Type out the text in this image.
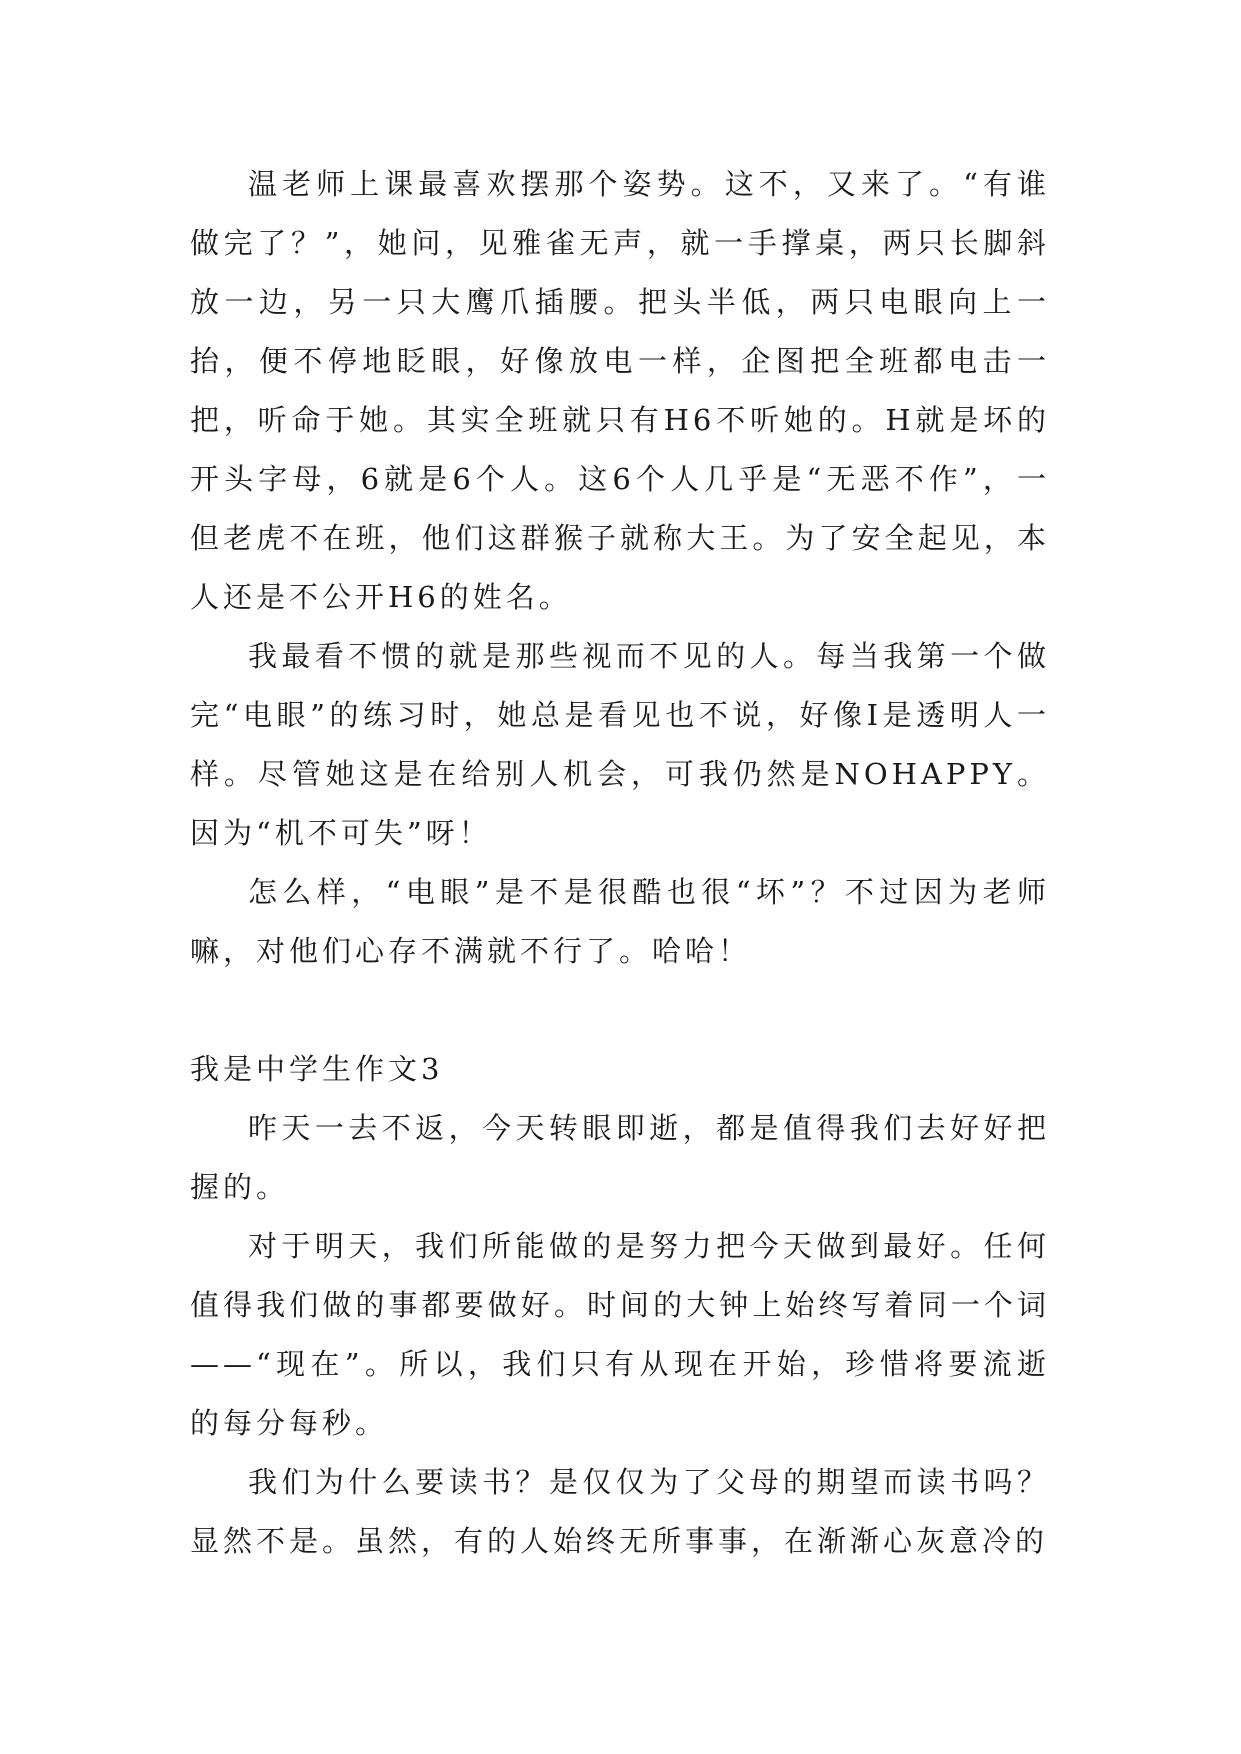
温老师上课最喜欢摆那个姿势。这不，又来了。“有谁做完了？”，她问，见雅雀无声，就一手撑桌，两只长脚斜放一边，另一只大鹰爪插腰。把头半低，两只电眼向上一抬，便不停地眨眼，好像放电一样，企图把全班都电击一把，听命于她。其实全班就只有H6不听她的。H就是坏的开头字母，6就是6个人。这6个人几乎是“无恶不作”，一但老虎不在班，他们这群猴子就称大王。为了安全起见，本人还是不公开H6的姓名。

我最看不惯的就是那些视而不见的人。每当我第一个做完“电眼”的练习时，她总是看见也不说，好像I是透明人一样。尽管她这是在给别人机会，可我仍然是NOHAPPY。因为“机不可失”呀！

怎么样，“电眼”是不是很酷也很“坏”？不过因为老师嘛，对他们心存不满就不行了。哈哈！

我是中学生作文3

昨天一去不返，今天转眼即逝，都是值得我们去好好把握的。

对于明天，我们所能做的是努力把今天做到最好。任何值得我们做的事都要做好。时间的大钟上始终写着同一个词——“现在”。所以，我们只有从现在开始，珍惜将要流逝的每分每秒。

我们为什么要读书？是仅仅为了父母的期望而读书吗？显然不是。虽然，有的人始终无所事事，在渐渐心灰意冷的
